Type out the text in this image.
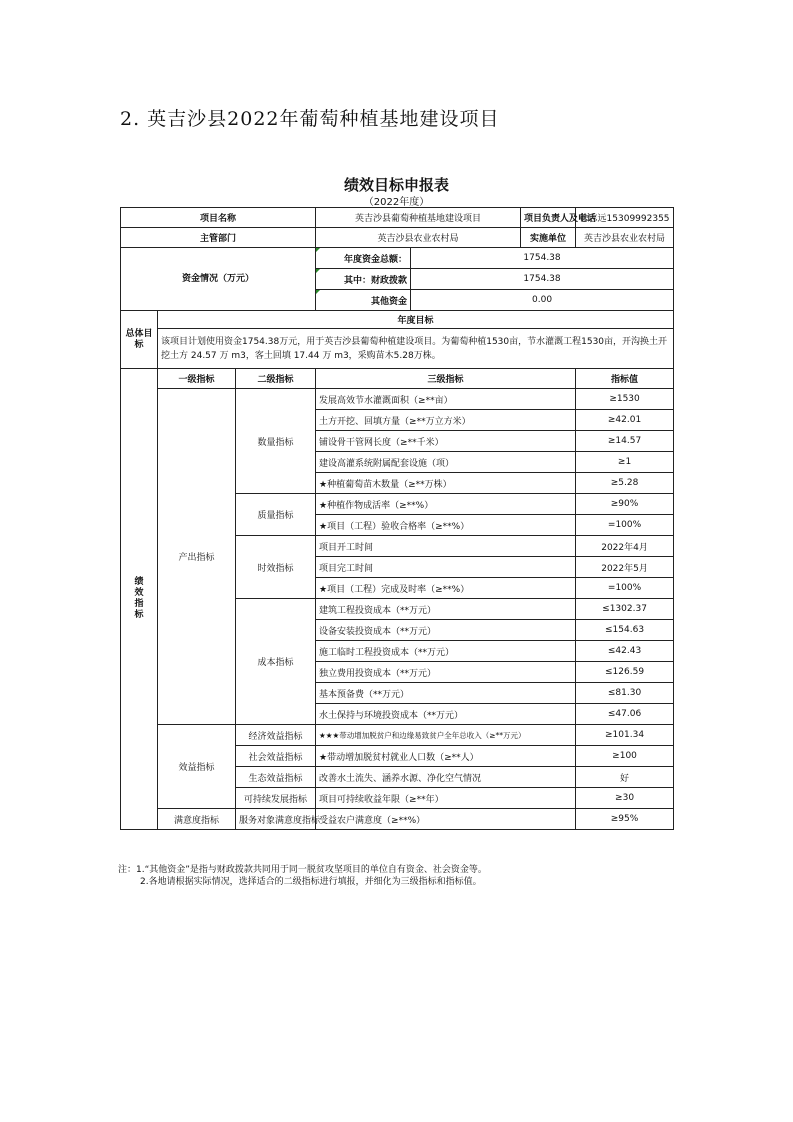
2. 英吉沙县2022年葡萄种植基地建设项目
绩效目标申报表
（2022年度）
项目名称			英吉沙县葡萄种植基地建设项目		项目负责人及电话	徐志远15309992355
主管部门			英吉沙县农业农村局		实施单位	英吉沙县农业农村局
资金情况（万元）			年度资金总额：	1754.38		
			其中：财政拨款	1754.38		
			其他资金	0.00		
总体目标	年度目标					
	该项目计划使用资金1754.38万元，用于英吉沙县葡萄种植建设项目。为葡萄种植1530亩，节水灌溉工程1530亩，开沟换土开挖土方 24.57 万 m3，客土回填 17.44 万 m3，采购苗木5.28万株。					
绩效指标	一级指标	二级指标	三级指标			指标值
	产出指标	数量指标	发展高效节水灌溉面积（≥**亩）			≥1530
			土方开挖、回填方量（≥**万立方米）			≥42.01
			铺设骨干管网长度（≥**千米）			≥14.57
			建设高灌系统附属配套设施（项）			≥1
			★种植葡萄苗木数量（≥**万株）			≥5.28
		质量指标	★种植作物成活率（≥**%）			≥90%
			★项目（工程）验收合格率（≥**%）			=100%
		时效指标	项目开工时间			2022年4月
			项目完工时间			2022年5月
			★项目（工程）完成及时率（≥**%）			=100%
		成本指标	建筑工程投资成本（**万元）			≤1302.37
			设备安装投资成本（**万元）			≤154.63
			施工临时工程投资成本（**万元）			≤42.43
			独立费用投资成本（**万元）			≤126.59
			基本预备费（**万元）			≤81.30
			水土保持与环境投资成本（**万元）			≤47.06
	效益指标	经济效益指标	★★★带动增加脱贫户和边缘易致贫户全年总收入（≥**万元）			≥101.34
		社会效益指标	★带动增加脱贫村就业人口数（≥**人）			≥100
		生态效益指标	改善水土流失、涵养水源、净化空气情况			好
		可持续发展指标	项目可持续收益年限（≥**年）			≥30
	满意度指标	服务对象满意度指标	受益农户满意度（≥**%）			≥95%
注：1.“其他资金”是指与财政拨款共同用于同一脱贫攻坚项目的单位自有资金、社会资金等。
2.各地请根据实际情况，选择适合的二级指标进行填报，并细化为三级指标和指标值。
